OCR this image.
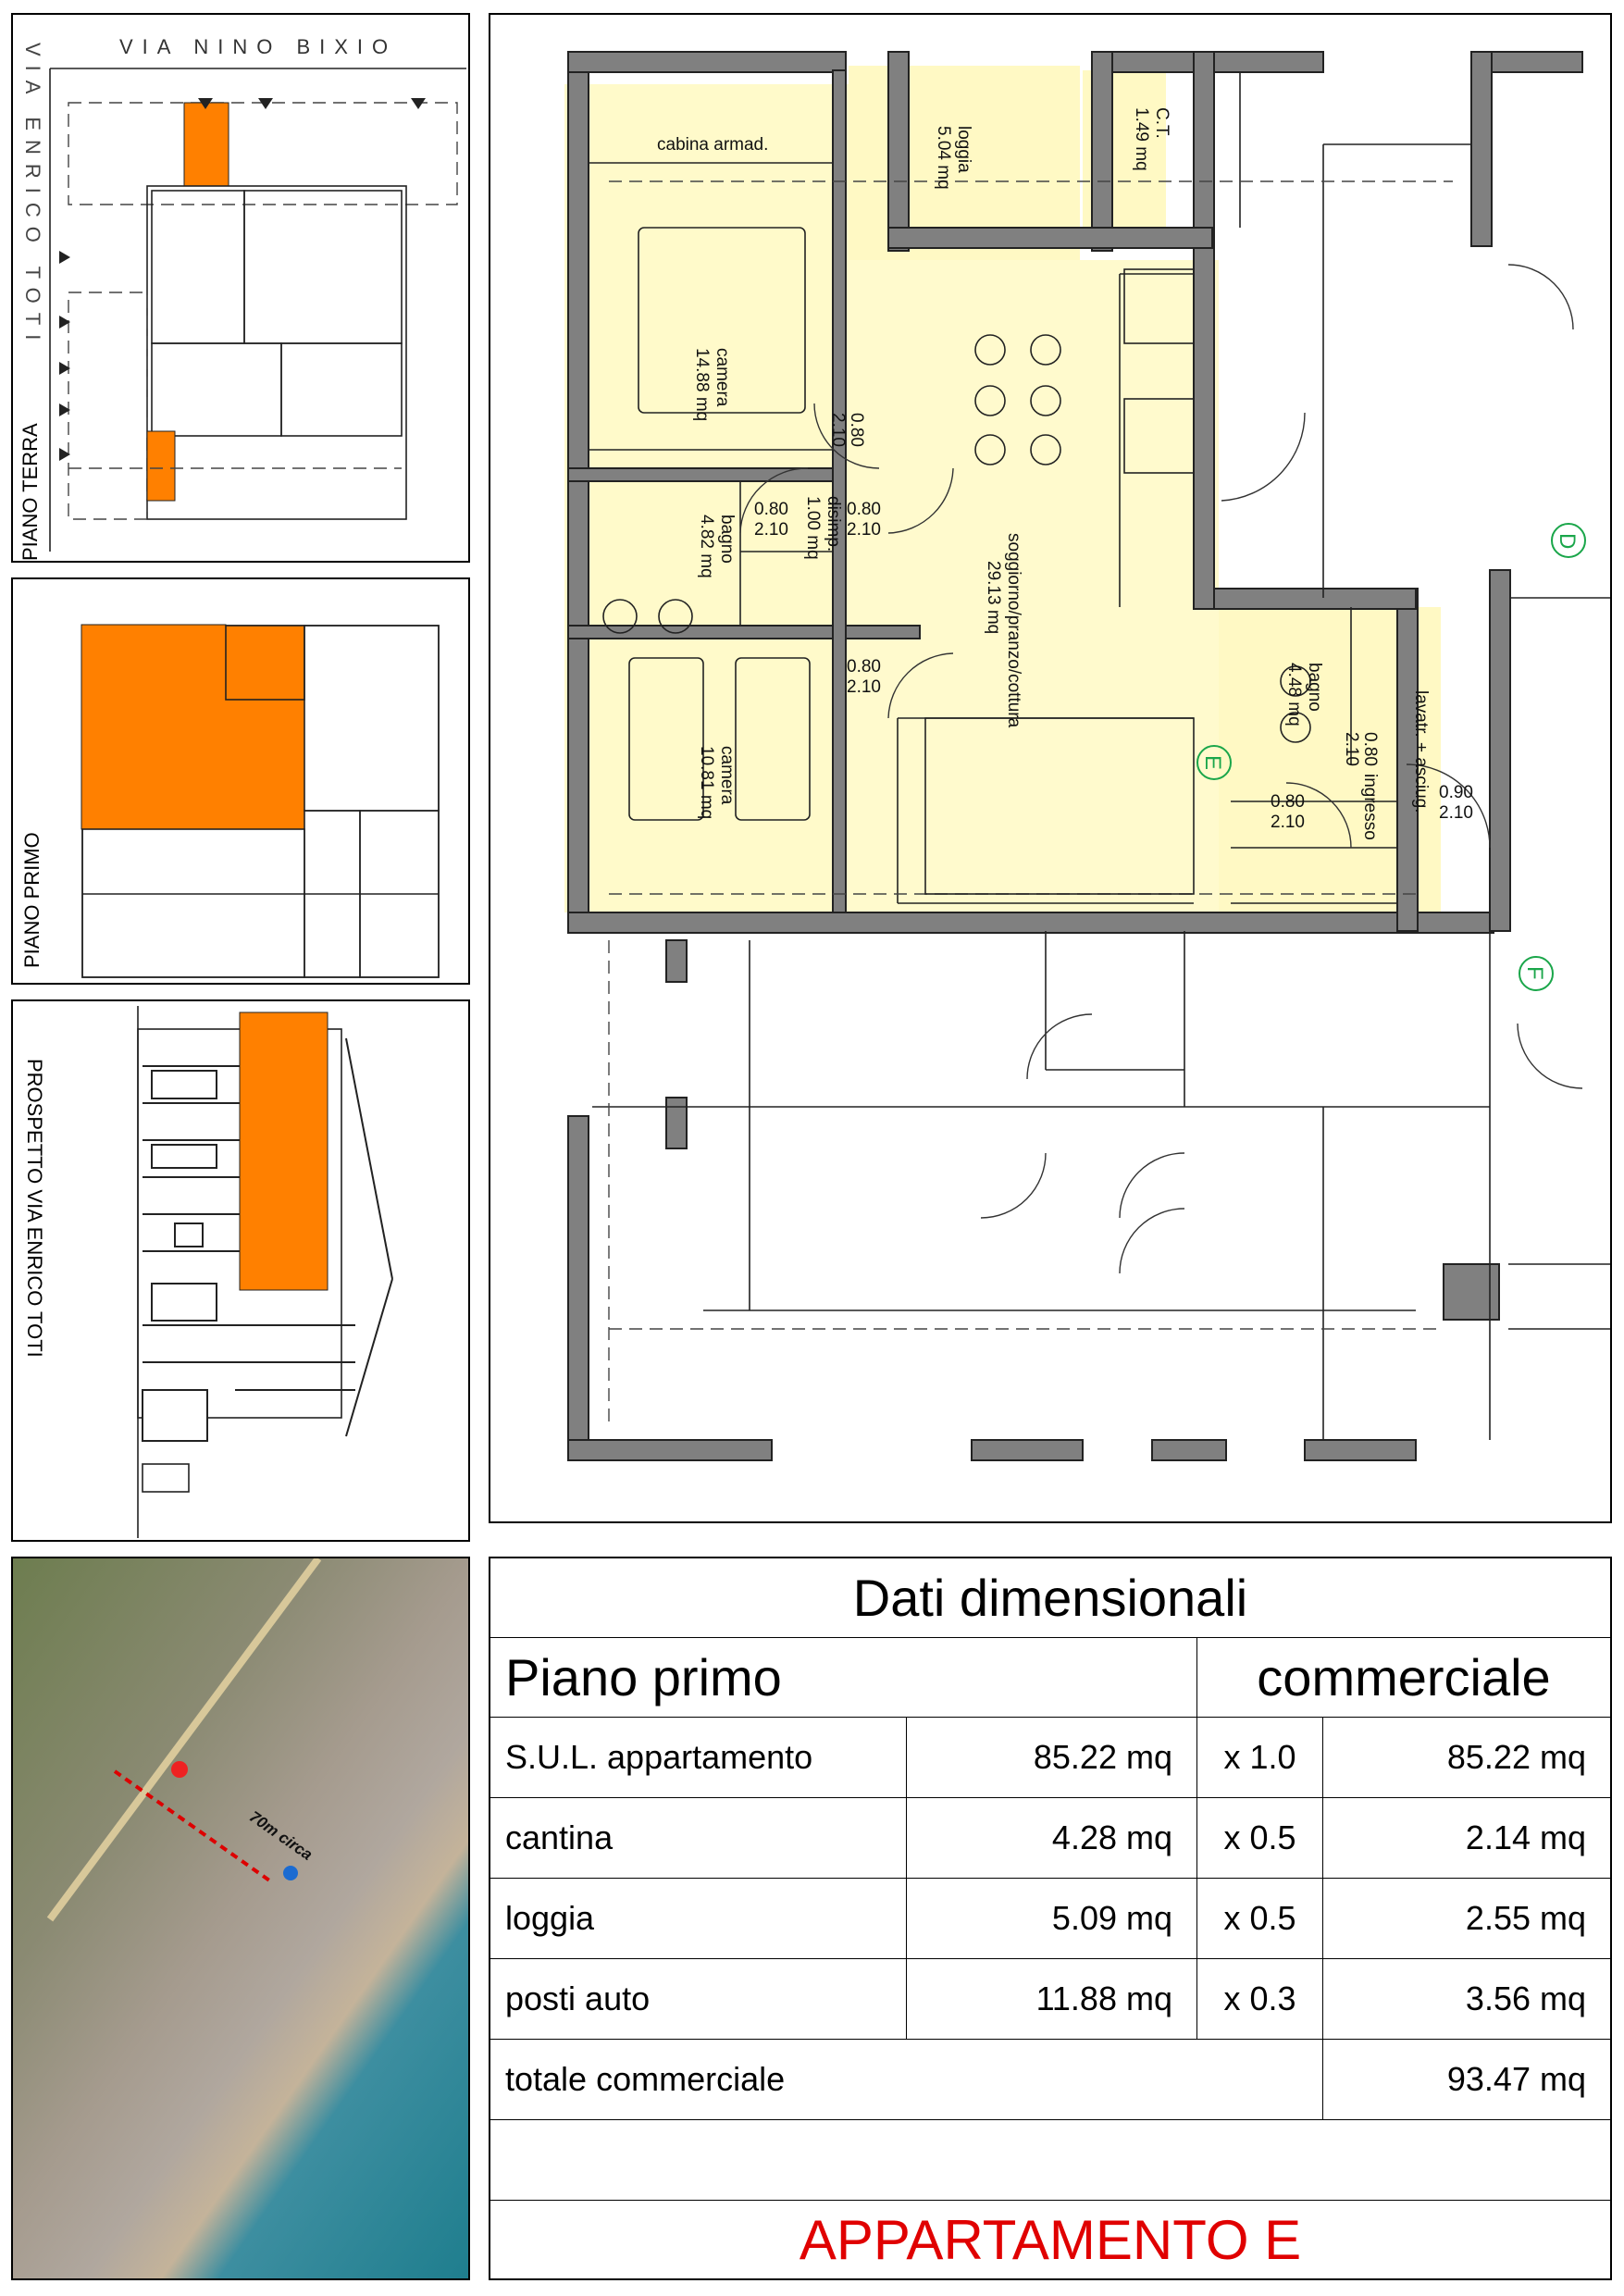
VIA NINO BIXIO
VIA ENRICO TOTI
PIANO TERRA
PIANO PRIMO
PROSPETTO VIA ENRICO TOTI
70m circa
cabina armad.	loggia
5.04 mq
C.T.
1.49 mq
camera
14.88 mq
bagno
4.82 mq	disimp.
1.00 mq
soggiorno/pranzo/cottura
29.13 mq
camera
10.81 mq
bagno
4.48 mq
ingresso lavatr. + asciug.
0.80
2.10
0.80
2.10
0.80
2.10
0.80
2.10
0.80
2.10
0.80
2.10
0.90
2.10
D
E
F
Dati dimensionali
Piano primo	commerciale
S.U.L. appartamento	85.22 mq	x 1.0	85.22 mq
cantina	4.28 mq	x 0.5	2.14 mq
loggia	5.09 mq	x 0.5	2.55 mq
posti auto	11.88 mq	x 0.3	3.56 mq
totale commerciale	93.47 mq
APPARTAMENTO E
